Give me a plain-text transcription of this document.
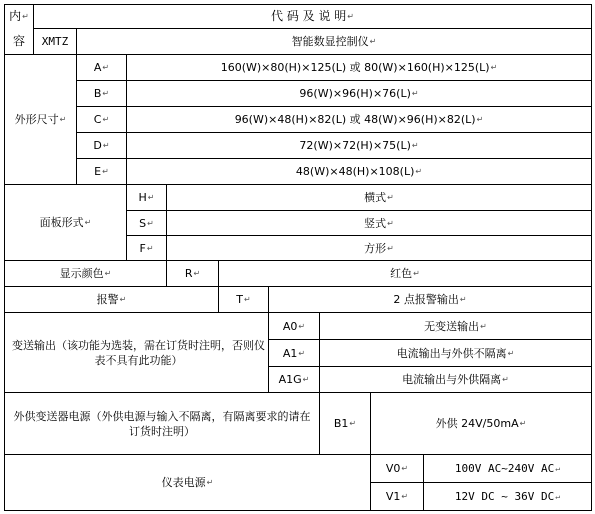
内 ↵
容
代 码 及 说 明 ↵
XMTZ	智能数显控制仪 ↵
外形尺寸 ↵
A ↵	160(W)×80(H)×125(L) 或 80(W)×160(H)×125(L) ↵
B ↵	96(W)×96(H)×76(L) ↵
C ↵	96(W)×48(H)×82(L) 或 48(W)×96(H)×82(L) ↵
D ↵	72(W)×72(H)×75(L) ↵
E ↵	48(W)×48(H)×108(L) ↵
面板形式 ↵
H ↵	横式 ↵
S ↵	竖式 ↵
F ↵	方形 ↵
显示颜色 ↵	R ↵	红色 ↵
报警 ↵	T ↵	2 点报警输出 ↵
变送输出（该功能为选装，需在订货时注明，否则仪表不具有此功能）
A0 ↵	无变送输出 ↵
A1 ↵	电流输出与外供不隔离 ↵
A1G ↵	电流输出与外供隔离 ↵
外供变送器电源（外供电源与输入不隔离，有隔离要求的请在订货时注明）
B1 ↵	外供 24V/50mA ↵
仪表电源 ↵
V0 ↵	100V AC~240V AC ↵
V1 ↵	12V DC ~ 36V DC ↵
